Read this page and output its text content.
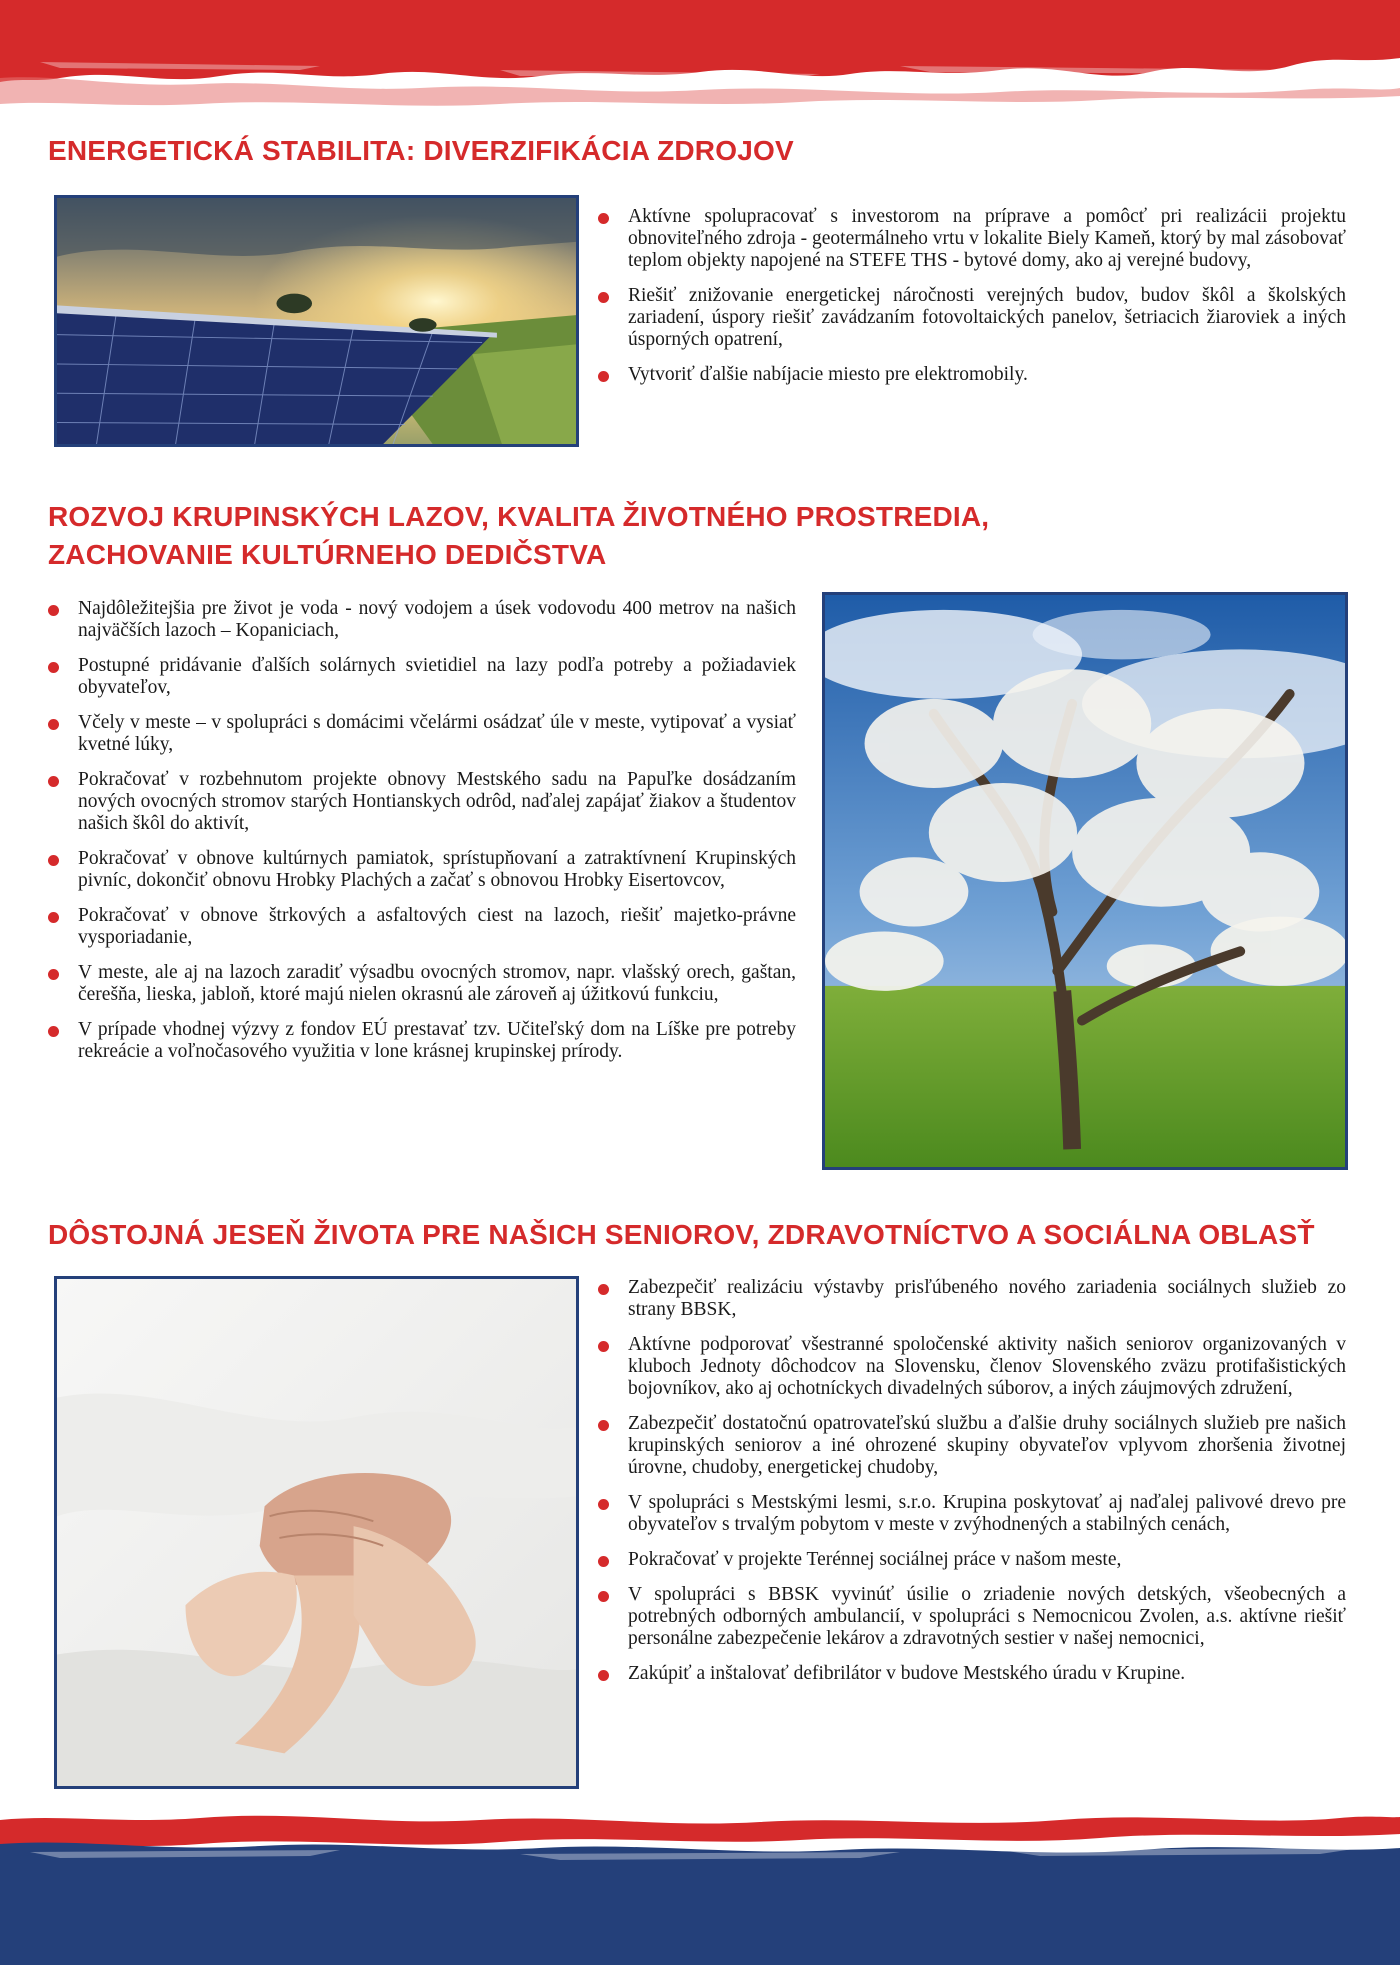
ENERGETICKÁ STABILITA: DIVERZIFIKÁCIA ZDROJOV
Aktívne spolupracovať s investorom na príprave a pomôcť pri realizácii projektu obnoviteľného zdroja - geotermálneho vrtu v lokalite Biely Kameň, ktorý by mal zásobovať teplom objekty napojené na STEFE THS - bytové domy, ako aj verejné budovy,
Riešiť znižovanie energetickej náročnosti verejných budov, budov škôl a školských zariadení, úspory riešiť zavádzaním fotovoltaických panelov, šetriacich žiaroviek a iných úsporných opatrení,
Vytvoriť ďalšie nabíjacie miesto pre elektromobily.
ROZVOJ KRUPINSKÝCH LAZOV, KVALITA ŽIVOTNÉHO PROSTREDIA,
ZACHOVANIE KULTÚRNEHO DEDIČSTVA
Najdôležitejšia pre život je voda - nový vodojem a úsek vodovodu 400 metrov na našich najväčších lazoch – Kopaniciach,
Postupné pridávanie ďalších solárnych svietidiel na lazy podľa potreby a požiadaviek obyvateľov,
Včely v meste – v spolupráci s domácimi včelármi osádzať úle v meste, vytipovať a vysiať kvetné lúky,
Pokračovať v rozbehnutom projekte obnovy Mestského sadu na Papuľke dosádzaním nových ovocných stromov starých Hontianskych odrôd, naďalej zapájať žiakov a študentov našich škôl do aktivít,
Pokračovať v obnove kultúrnych pamiatok, sprístupňovaní a zatraktívnení Krupinských pivníc, dokončiť obnovu Hrobky Plachých a začať s obnovou Hrobky Eisertovcov,
Pokračovať v obnove štrkových a asfaltových ciest na lazoch, riešiť majetko-právne vysporiadanie,
V meste, ale aj na lazoch zaradiť výsadbu ovocných stromov, napr. vlašský orech, gaštan, čerešňa, lieska, jabloň, ktoré majú nielen okrasnú ale zároveň aj úžitkovú funkciu,
V prípade vhodnej výzvy z fondov EÚ prestavať tzv. Učiteľský dom na Líške pre potreby rekreácie a voľnočasového využitia v lone krásnej krupinskej prírody.
DÔSTOJNÁ JESEŇ ŽIVOTA PRE NAŠICH SENIOROV, ZDRAVOTNÍCTVO A SOCIÁLNA OBLASŤ
Zabezpečiť realizáciu výstavby prisľúbeného nového zariadenia sociálnych služieb zo strany BBSK,
Aktívne podporovať všestranné spoločenské aktivity našich seniorov organizovaných v kluboch Jednoty dôchodcov na Slovensku, členov Slovenského zväzu protifašistických bojovníkov, ako aj ochotníckych divadelných súborov, a iných záujmových združení,
Zabezpečiť dostatočnú opatrovateľskú službu a ďalšie druhy sociálnych služieb pre našich krupinských seniorov a iné ohrozené skupiny obyvateľov vplyvom zhoršenia životnej úrovne, chudoby, energetickej chudoby,
V spolupráci s Mestskými lesmi, s.r.o. Krupina poskytovať aj naďalej palivové drevo pre obyvateľov s trvalým pobytom v meste v zvýhodnených a stabilných cenách,
Pokračovať v projekte Terénnej sociálnej práce v našom meste,
V spolupráci s BBSK vyvinúť úsilie o zriadenie nových detských, všeobecných a potrebných odborných ambulancií, v spolupráci s Nemocnicou Zvolen, a.s. aktívne riešiť personálne zabezpečenie lekárov a zdravotných sestier v našej nemocnici,
Zakúpiť a inštalovať defibrilátor v budove Mestského úradu v Krupine.
